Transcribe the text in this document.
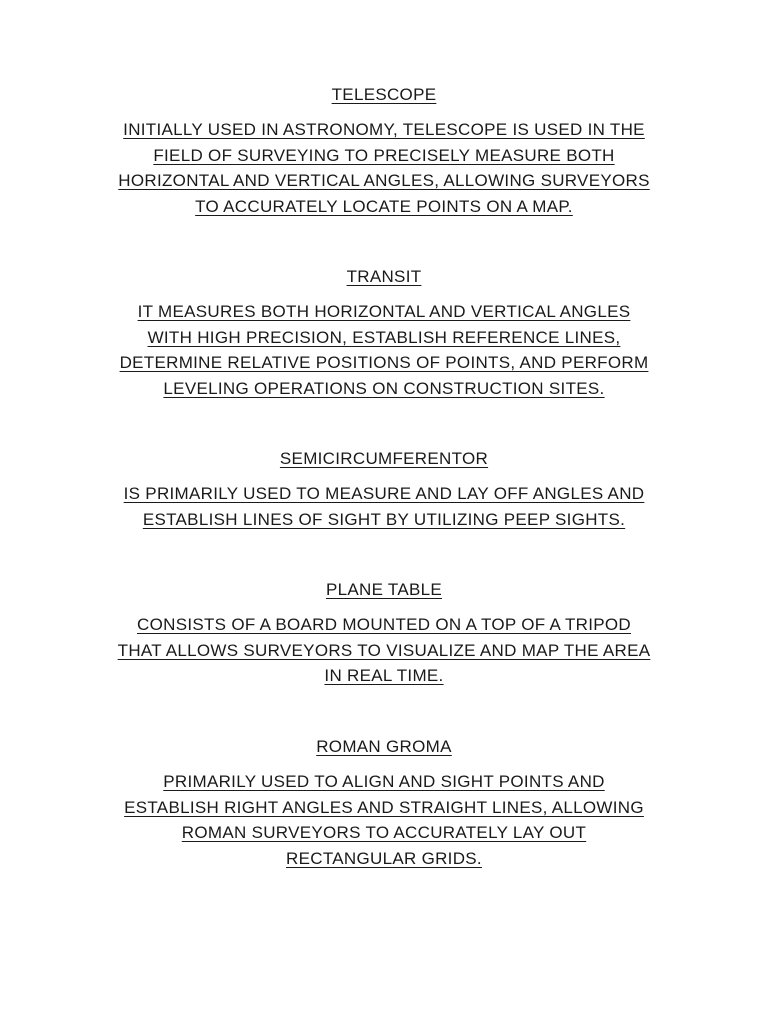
TELESCOPE

INITIALLY USED IN ASTRONOMY, TELESCOPE IS USED IN THE
FIELD OF SURVEYING TO PRECISELY MEASURE BOTH
HORIZONTAL AND VERTICAL ANGLES, ALLOWING SURVEYORS
TO ACCURATELY LOCATE POINTS ON A MAP.

TRANSIT

IT MEASURES BOTH HORIZONTAL AND VERTICAL ANGLES
WITH HIGH PRECISION, ESTABLISH REFERENCE LINES,
DETERMINE RELATIVE POSITIONS OF POINTS, AND PERFORM
LEVELING OPERATIONS ON CONSTRUCTION SITES.

SEMICIRCUMFERENTOR

IS PRIMARILY USED TO MEASURE AND LAY OFF ANGLES AND
ESTABLISH LINES OF SIGHT BY UTILIZING PEEP SIGHTS.

PLANE TABLE

CONSISTS OF A BOARD MOUNTED ON A TOP OF A TRIPOD
THAT ALLOWS SURVEYORS TO VISUALIZE AND MAP THE AREA
IN REAL TIME.

ROMAN GROMA

PRIMARILY USED TO ALIGN AND SIGHT POINTS AND
ESTABLISH RIGHT ANGLES AND STRAIGHT LINES, ALLOWING
ROMAN SURVEYORS TO ACCURATELY LAY OUT
RECTANGULAR GRIDS.
